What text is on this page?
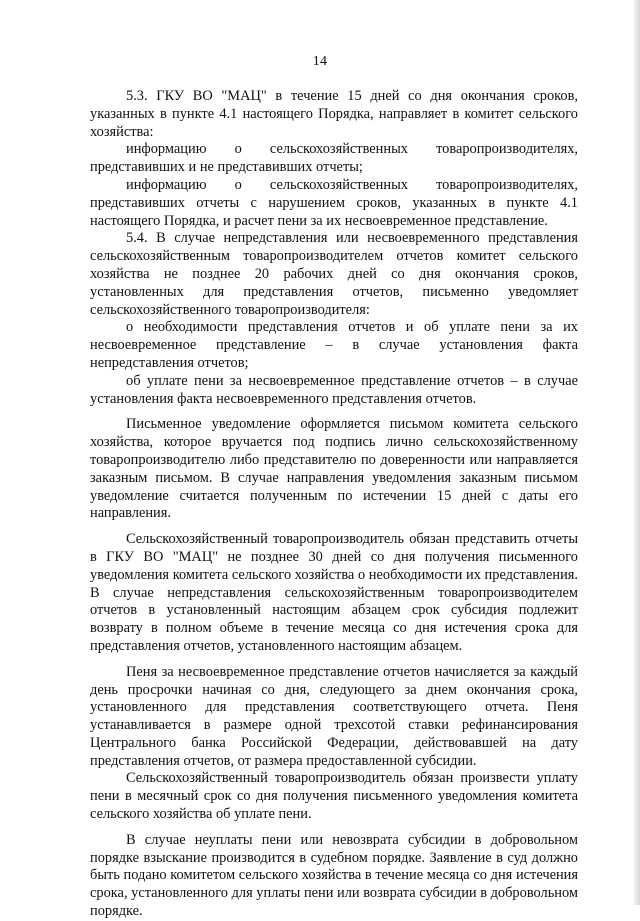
14

5.3. ГКУ ВО "МАЦ" в течение 15 дней со дня окончания сроков, указанных в пункте 4.1 настоящего Порядка, направляет в комитет сельского хозяйства:

информацию о сельскохозяйственных товаропроизводителях, представивших и не представивших отчеты;

информацию о сельскохозяйственных товаропроизводителях, представивших отчеты с нарушением сроков, указанных в пункте 4.1 настоящего Порядка, и расчет пени за их несвоевременное представление.

5.4. В случае непредставления или несвоевременного представления сельскохозяйственным товаропроизводителем отчетов комитет сельского хозяйства не позднее 20 рабочих дней со дня окончания сроков, установленных для представления отчетов, письменно уведомляет сельскохозяйственного товаропроизводителя:

о необходимости представления отчетов и об уплате пени за их несвоевременное представление – в случае установления факта непредставления отчетов;

об уплате пени за несвоевременное представление отчетов – в случае установления факта несвоевременного представления отчетов.

Письменное уведомление оформляется письмом комитета сельского хозяйства, которое вручается под подпись лично сельскохозяйственному товаропроизводителю либо представителю по доверенности или направляется заказным письмом. В случае направления уведомления заказным письмом уведомление считается полученным по истечении 15 дней с даты его направления.

Сельскохозяйственный товаропроизводитель обязан представить отчеты в ГКУ ВО "МАЦ" не позднее 30 дней со дня получения письменного уведомления комитета сельского хозяйства о необходимости их представления. В случае непредставления сельскохозяйственным товаропроизводителем отчетов в установленный настоящим абзацем срок субсидия подлежит возврату в полном объеме в течение месяца со дня истечения срока для представления отчетов, установленного настоящим абзацем.

Пеня за несвоевременное представление отчетов начисляется за каждый день просрочки начиная со дня, следующего за днем окончания срока, установленного для представления соответствующего отчета. Пеня устанавливается в размере одной трехсотой ставки рефинансирования Центрального банка Российской Федерации, действовавшей на дату представления отчетов, от размера предоставленной субсидии.

Сельскохозяйственный товаропроизводитель обязан произвести уплату пени в месячный срок со дня получения письменного уведомления комитета сельского хозяйства об уплате пени.

В случае неуплаты пени или невозврата субсидии в добровольном порядке взыскание производится в судебном порядке. Заявление в суд должно быть подано комитетом сельского хозяйства в течение месяца со дня истечения срока, установленного для уплаты пени или возврата субсидии в добровольном порядке.
